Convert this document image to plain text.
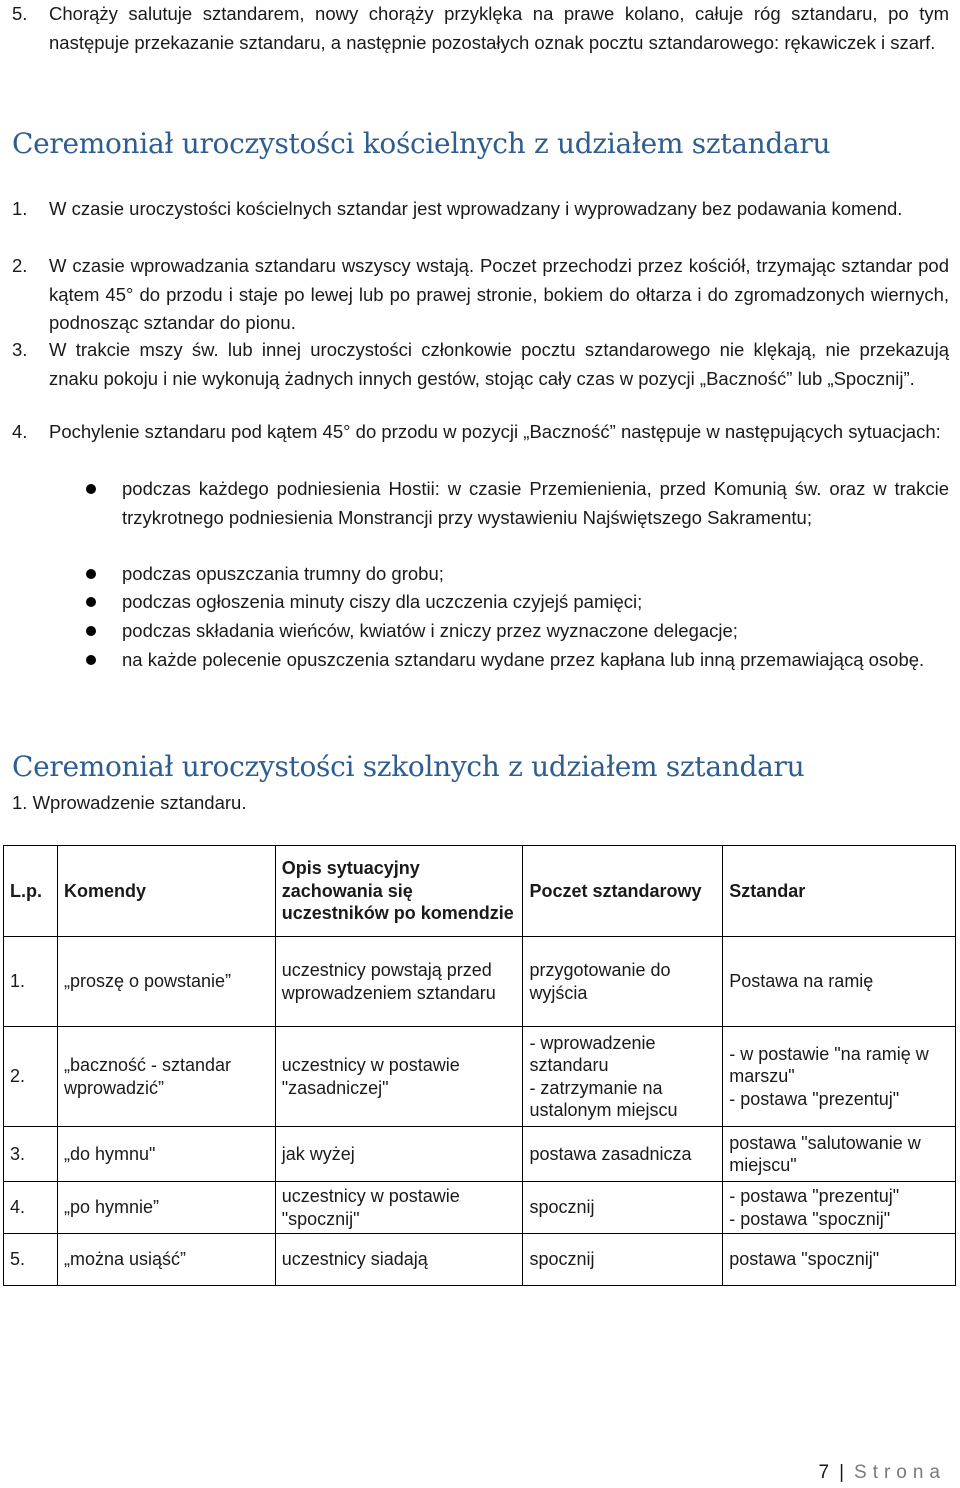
5. Chorąży salutuje sztandarem, nowy chorąży przyklęka na prawe kolano, całuje róg sztandaru, po tym następuje przekazanie sztandaru, a następnie pozostałych oznak pocztu sztandarowego: rękawiczek i szarf.

Ceremoniał uroczystości kościelnych z udziałem sztandaru
1. W czasie uroczystości kościelnych sztandar jest wprowadzany i wyprowadzany bez podawania komend.

2. W czasie wprowadzania sztandaru wszyscy wstają. Poczet przechodzi przez kościół, trzymając sztandar pod kątem 45° do przodu i staje po lewej lub po prawej stronie, bokiem do ołtarza i do zgromadzonych wiernych, podnosząc sztandar do pionu.

3. W trakcie mszy św. lub innej uroczystości członkowie pocztu sztandarowego nie klękają, nie przekazują znaku pokoju i nie wykonują żadnych innych gestów, stojąc cały czas w pozycji „Baczność” lub „Spocznij”.

4. Pochylenie sztandaru pod kątem 45° do przodu w pozycji „Baczność” następuje w następujących sytuacjach:

podczas każdego podniesienia Hostii: w czasie Przemienienia, przed Komunią św. oraz w trakcie trzykrotnego podniesienia Monstrancji przy wystawieniu Najświętszego Sakramentu;

podczas opuszczania trumny do grobu;

podczas ogłoszenia minuty ciszy dla uczczenia czyjejś pamięci;

podczas składania wieńców, kwiatów i zniczy przez wyznaczone delegacje;

na każde polecenie opuszczenia sztandaru wydane przez kapłana lub inną przemawiającą osobę.

Ceremoniał uroczystości szkolnych z udziałem sztandaru
1. Wprowadzenie sztandaru.
L.p.	Komendy	Opis sytuacyjny zachowania się uczestników po komendzie	Poczet sztandarowy	Sztandar

1.	„proszę o powstanie”	uczestnicy powstają przed wprowadzeniem sztandaru	przygotowanie do wyjścia	Postawa na ramię

2.	„baczność - sztandar wprowadzić”	uczestnicy w postawie "zasadniczej"	- wprowadzenie sztandaru
- zatrzymanie na ustalonym miejscu	- w postawie "na ramię w marszu"
- postawa "prezentuj"

3.	„do hymnu"	jak wyżej	postawa zasadnicza	postawa "salutowanie w miejscu"

4.	„po hymnie”	uczestnicy w postawie "spocznij"	spocznij	- postawa "prezentuj"
- postawa "spocznij"

5.	„można usiąść”	uczestnicy siadają	spocznij	postawa "spocznij"
7 | Strona
